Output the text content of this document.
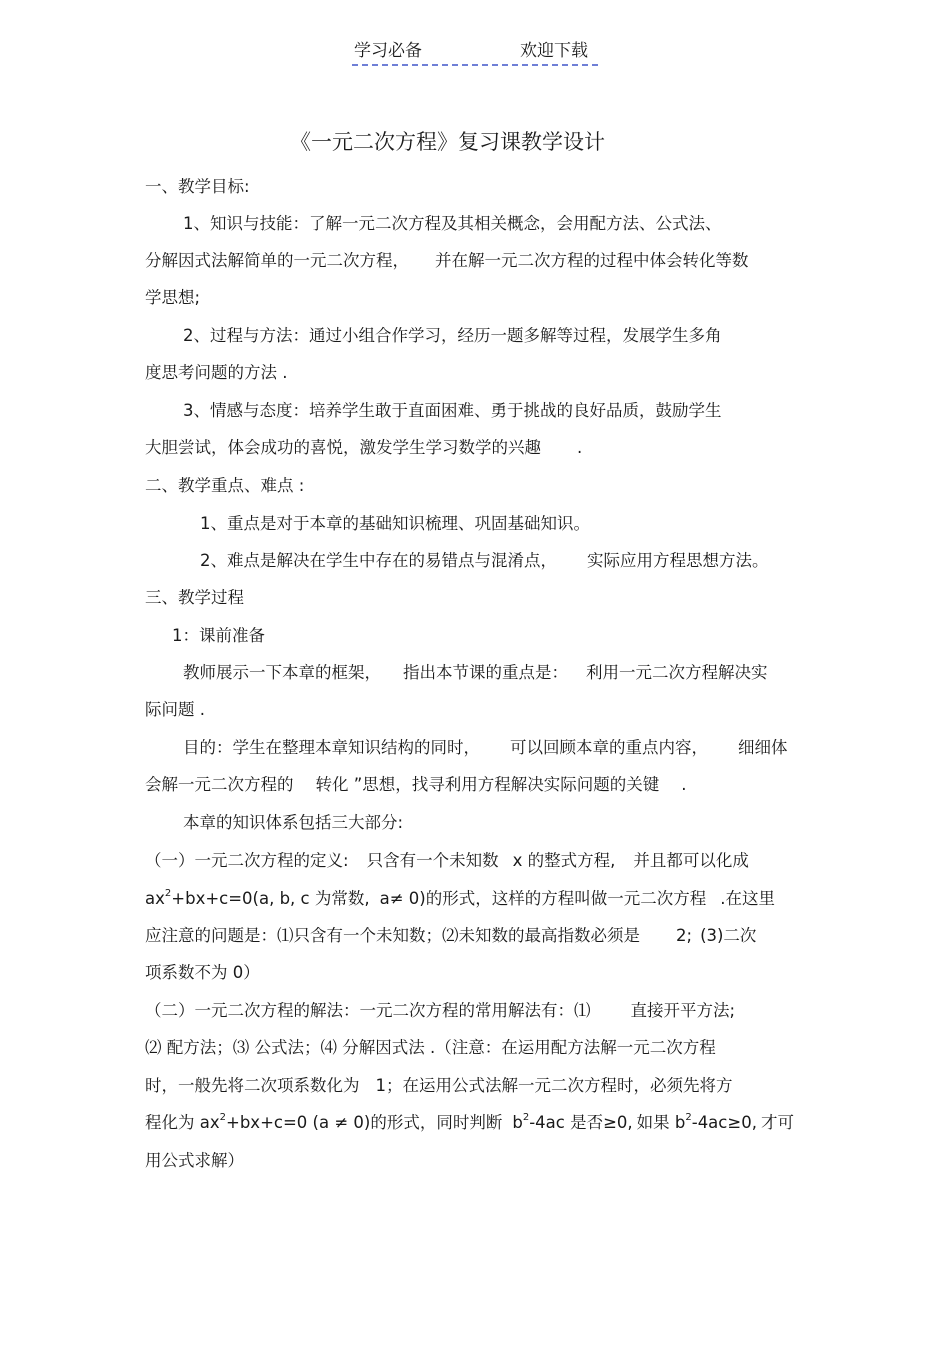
学习必备	欢迎下载
《一元二次方程》复习课教学设计
一、教学目标:
1、知识与技能：了解一元二次方程及其相关概念，会用配方法、公式法、
分解因式法解简单的一元二次方程， 并在解一元二次方程的过程中体会转化等数
学思想;
2、过程与方法：通过小组合作学习，经历一题多解等过程，发展学生多角
度思考问题的方法 .
3、情感与态度：培养学生敢于直面困难、勇于挑战的良好品质，鼓励学生
大胆尝试，体会成功的喜悦，激发学生学习数学的兴趣 .
二、教学重点、难点 :
1、重点是对于本章的基础知识梳理、巩固基础知识。
2、难点是解决在学生中存在的易错点与混淆点， 实际应用方程思想方法。
三、教学过程
1：课前准备
教师展示一下本章的框架， 指出本节课的重点是： 利用一元二次方程解决实
际问题 .
目的：学生在整理本章知识结构的同时， 可以回顾本章的重点内容， 细细体
会解一元二次方程的 转化 ”思想，找寻利用方程解决实际问题的关键 .
本章的知识体系包括三大部分:
（一）一元二次方程的定义: 只含有一个未知数 x 的整式方程, 并且都可以化成
$ax^2+bx+c=0(a$, b, c 为常数, a≠ 0)的形式，这样的方程叫做一元二次方程 .在这里
应注意的问题是：⑴只含有一个未知数；⑵未知数的最高指数必须是 2; (3)二次
项系数不为 0）
（二）一元二次方程的解法：一元二次方程的常用解法有：⑴ 直接开平方法;
⑵ 配方法；⑶ 公式法；⑷ 分解因式法 .（注意：在运用配方法解一元二次方程
时，一般先将二次项系数化为 1；在运用公式法解一元二次方程时，必须先将方
程化为 $ax^2+bx+c=0$ (a ≠ 0)的形式，同时判断 $b^2-4ac$ 是否≥0, 如果 $b^2-4ac\ge 0$, 才可
用公式求解）
